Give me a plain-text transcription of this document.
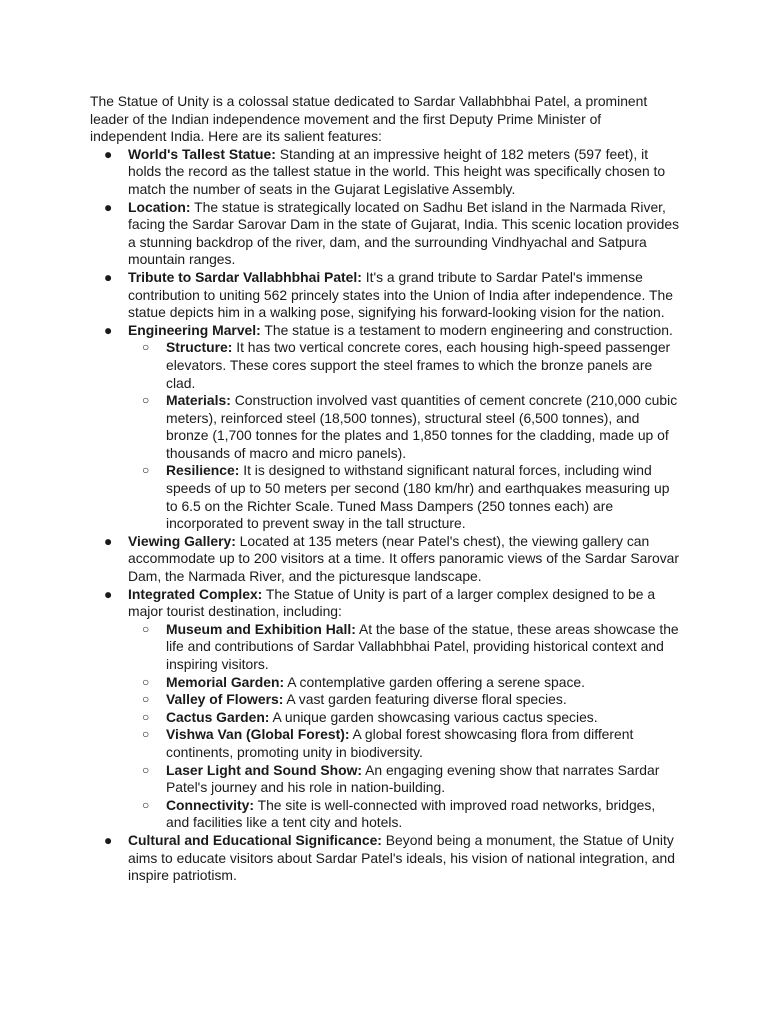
The Statue of Unity is a colossal statue dedicated to Sardar Vallabhbhai Patel, a prominent leader of the Indian independence movement and the first Deputy Prime Minister of independent India. Here are its salient features:

● World's Tallest Statue: Standing at an impressive height of 182 meters (597 feet), it holds the record as the tallest statue in the world. This height was specifically chosen to match the number of seats in the Gujarat Legislative Assembly.
● Location: The statue is strategically located on Sadhu Bet island in the Narmada River, facing the Sardar Sarovar Dam in the state of Gujarat, India. This scenic location provides a stunning backdrop of the river, dam, and the surrounding Vindhyachal and Satpura mountain ranges.
● Tribute to Sardar Vallabhbhai Patel: It's a grand tribute to Sardar Patel's immense contribution to uniting 562 princely states into the Union of India after independence. The statue depicts him in a walking pose, signifying his forward-looking vision for the nation.
● Engineering Marvel: The statue is a testament to modern engineering and construction.
○ Structure: It has two vertical concrete cores, each housing high-speed passenger elevators. These cores support the steel frames to which the bronze panels are clad.
○ Materials: Construction involved vast quantities of cement concrete (210,000 cubic meters), reinforced steel (18,500 tonnes), structural steel (6,500 tonnes), and bronze (1,700 tonnes for the plates and 1,850 tonnes for the cladding, made up of thousands of macro and micro panels).
○ Resilience: It is designed to withstand significant natural forces, including wind speeds of up to 50 meters per second (180 km/hr) and earthquakes measuring up to 6.5 on the Richter Scale. Tuned Mass Dampers (250 tonnes each) are incorporated to prevent sway in the tall structure.
● Viewing Gallery: Located at 135 meters (near Patel's chest), the viewing gallery can accommodate up to 200 visitors at a time. It offers panoramic views of the Sardar Sarovar Dam, the Narmada River, and the picturesque landscape.
● Integrated Complex: The Statue of Unity is part of a larger complex designed to be a major tourist destination, including:
○ Museum and Exhibition Hall: At the base of the statue, these areas showcase the life and contributions of Sardar Vallabhbhai Patel, providing historical context and inspiring visitors.
○ Memorial Garden: A contemplative garden offering a serene space.
○ Valley of Flowers: A vast garden featuring diverse floral species.
○ Cactus Garden: A unique garden showcasing various cactus species.
○ Vishwa Van (Global Forest): A global forest showcasing flora from different continents, promoting unity in biodiversity.
○ Laser Light and Sound Show: An engaging evening show that narrates Sardar Patel's journey and his role in nation-building.
○ Connectivity: The site is well-connected with improved road networks, bridges, and facilities like a tent city and hotels.
● Cultural and Educational Significance: Beyond being a monument, the Statue of Unity aims to educate visitors about Sardar Patel's ideals, his vision of national integration, and inspire patriotism.
